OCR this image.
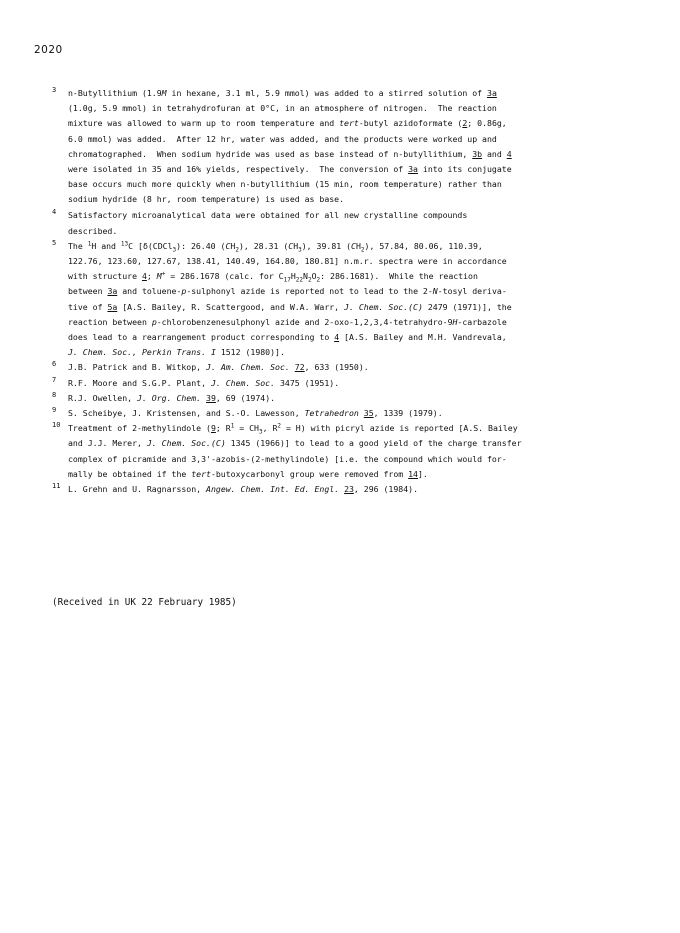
2020
3 n-Butyllithium (1.9M in hexane, 3.1 ml, 5.9 mmol) was added to a stirred solution of 3a
(1.0g, 5.9 mmol) in tetrahydrofuran at 0°C, in an atmosphere of nitrogen.  The reaction
mixture was allowed to warm up to room temperature and tert-butyl azidoformate (2; 0.86g,
6.0 mmol) was added.  After 12 hr, water was added, and the products were worked up and
chromatographed.  When sodium hydride was used as base instead of n-butyllithium, 3b and 4
were isolated in 35 and 16% yields, respectively.  The conversion of 3a into its conjugate
base occurs much more quickly when n-butyllithium (15 min, room temperature) rather than
sodium hydride (8 hr, room temperature) is used as base.
4 Satisfactory microanalytical data were obtained for all new crystalline compounds
described.
5 The $^1$H and $^{13}$C [δ(CDCl$_3$): 26.40 $(CH_2)$, 28.31 $(CH_3)$, 39.81 $(CH_2)$, 57.84, 80.06, 110.39,
122.76, 123.60, 127.67, 138.41, 140.49, 164.80, 180.81] n.m.r. spectra were in accordance
with structure 4; M+ = 286.1678 (calc. for $C_{17}H_{22}N_2O_2$: 286.1681).  While the reaction
between 3a and toluene-p-sulphonyl azide is reported not to lead to the 2-N-tosyl deriva-
tive of 5a [A.S. Bailey, R. Scattergood, and W.A. Warr, J. Chem. Soc.(C) 2479 (1971)], the
reaction between p-chlorobenzenesulphonyl azide and 2-oxo-1,2,3,4-tetrahydro-9H-carbazole
does lead to a rearrangement product corresponding to 4 [A.S. Bailey and M.H. Vandrevala,
J. Chem. Soc., Perkin Trans. I 1512 (1980)].
6 J.B. Patrick and B. Witkop, J. Am. Chem. Soc. 72, 633 (1950).
7 R.F. Moore and S.G.P. Plant, J. Chem. Soc. 3475 (1951).
8 R.J. Owellen, J. Org. Chem. 39, 69 (1974).
9 S. Scheibye, J. Kristensen, and S.-O. Lawesson, Tetrahedron 35, 1339 (1979).
10 Treatment of 2-methylindole (9; $R^1 = CH_3$, $R^2 = H$) with picryl azide is reported [A.S. Bailey
and J.J. Merer, J. Chem. Soc.(C) 1345 (1966)] to lead to a good yield of the charge transfer
complex of picramide and 3,3'-azobis-(2-methylindole) [i.e. the compound which would for-
mally be obtained if the tert-butoxycarbonyl group were removed from 14].
11 L. Grehn and U. Ragnarsson, Angew. Chem. Int. Ed. Engl. 23, 296 (1984).
(Received in UK 22 February 1985)
